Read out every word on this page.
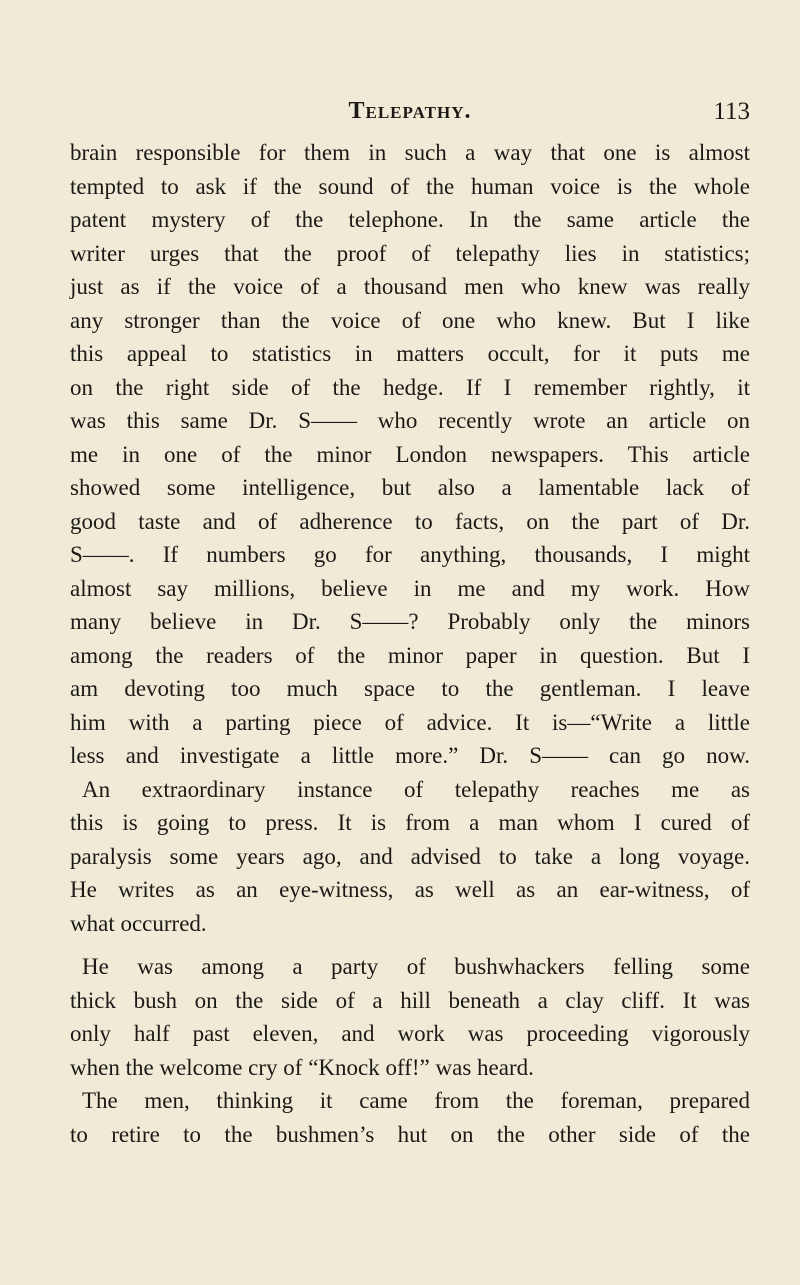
Telepathy.	113
brain responsible for them in such a way that one is almost
tempted to ask if the sound of the human voice is the whole
patent mystery of the telephone. In the same article the
writer urges that the proof of telepathy lies in statistics;
just as if the voice of a thousand men who knew was really
any stronger than the voice of one who knew. But I like
this appeal to statistics in matters occult, for it puts me
on the right side of the hedge. If I remember rightly, it
was this same Dr. S—— who recently wrote an article on
me in one of the minor London newspapers. This article
showed some intelligence, but also a lamentable lack of
good taste and of adherence to facts, on the part of Dr.
S——. If numbers go for anything, thousands, I might
almost say millions, believe in me and my work. How
many believe in Dr. S——? Probably only the minors
among the readers of the minor paper in question. But I
am devoting too much space to the gentleman. I leave
him with a parting piece of advice. It is—“Write a little
less and investigate a little more.” Dr. S—— can go now.
An extraordinary instance of telepathy reaches me as
this is going to press. It is from a man whom I cured of
paralysis some years ago, and advised to take a long voyage.
He writes as an eye-witness, as well as an ear-witness, of
what occurred.
He was among a party of bushwhackers felling some
thick bush on the side of a hill beneath a clay cliff. It was
only half past eleven, and work was proceeding vigorously
when the welcome cry of “Knock off!” was heard.
The men, thinking it came from the foreman, prepared
to retire to the bushmen’s hut on the other side of the
